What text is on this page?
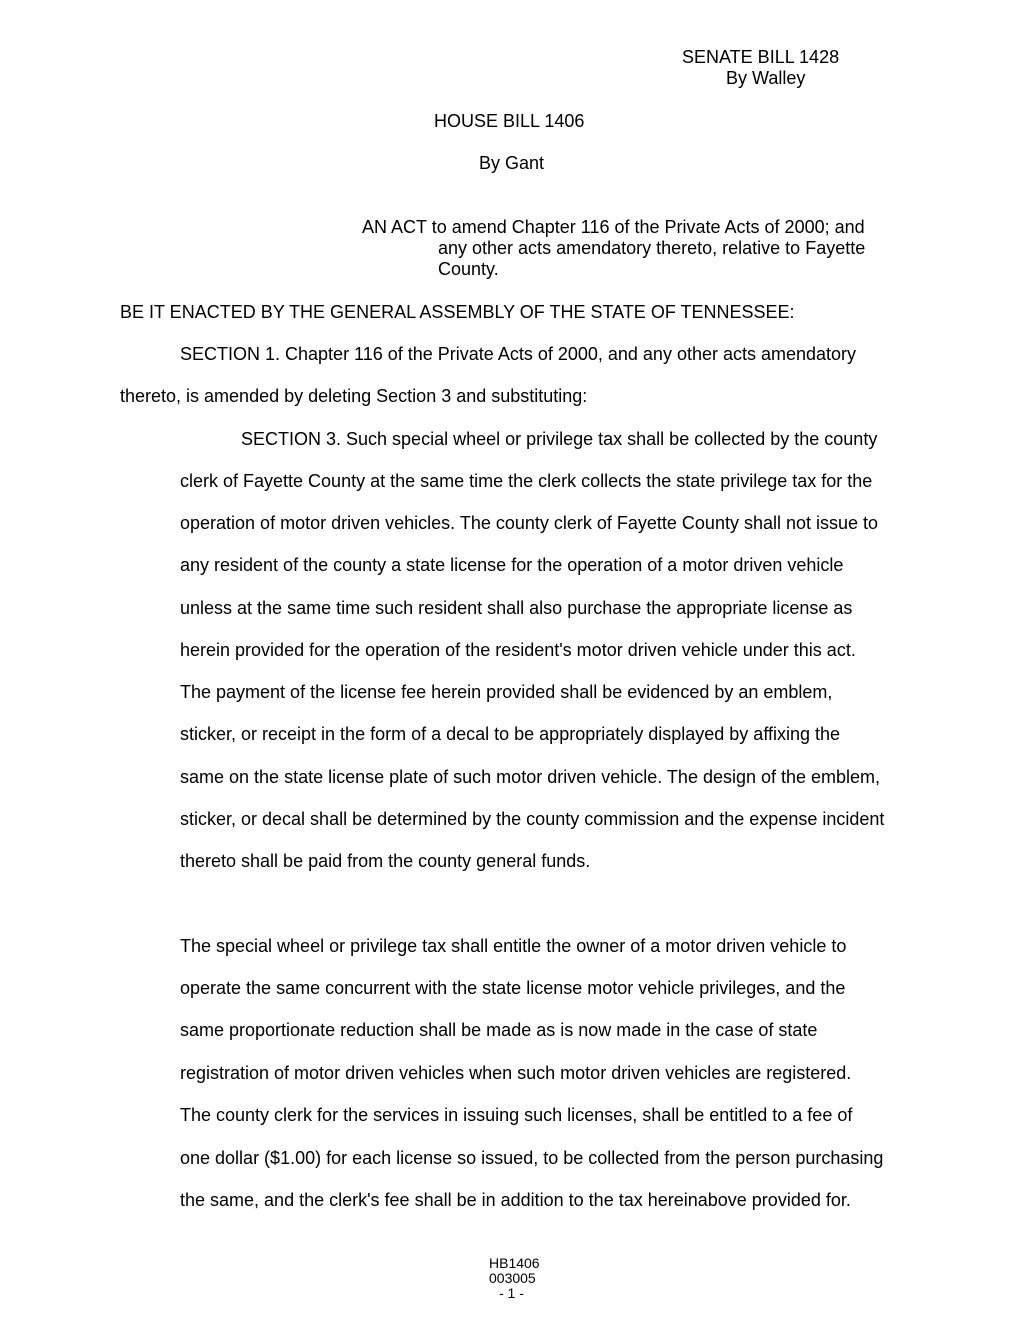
SENATE BILL 1428
By Walley
HOUSE BILL 1406
By Gant
AN ACT to amend Chapter 116 of the Private Acts of 2000; and
any other acts amendatory thereto, relative to Fayette
County.
BE IT ENACTED BY THE GENERAL ASSEMBLY OF THE STATE OF TENNESSEE:
SECTION 1. Chapter 116 of the Private Acts of 2000, and any other acts amendatory
thereto, is amended by deleting Section 3 and substituting:
SECTION 3. Such special wheel or privilege tax shall be collected by the county
clerk of Fayette County at the same time the clerk collects the state privilege tax for the
operation of motor driven vehicles. The county clerk of Fayette County shall not issue to
any resident of the county a state license for the operation of a motor driven vehicle
unless at the same time such resident shall also purchase the appropriate license as
herein provided for the operation of the resident's motor driven vehicle under this act.
The payment of the license fee herein provided shall be evidenced by an emblem,
sticker, or receipt in the form of a decal to be appropriately displayed by affixing the
same on the state license plate of such motor driven vehicle. The design of the emblem,
sticker, or decal shall be determined by the county commission and the expense incident
thereto shall be paid from the county general funds.
The special wheel or privilege tax shall entitle the owner of a motor driven vehicle to
operate the same concurrent with the state license motor vehicle privileges, and the
same proportionate reduction shall be made as is now made in the case of state
registration of motor driven vehicles when such motor driven vehicles are registered.
The county clerk for the services in issuing such licenses, shall be entitled to a fee of
one dollar ($1.00) for each license so issued, to be collected from the person purchasing
the same, and the clerk's fee shall be in addition to the tax hereinabove provided for.
HB1406
003005
- 1 -
